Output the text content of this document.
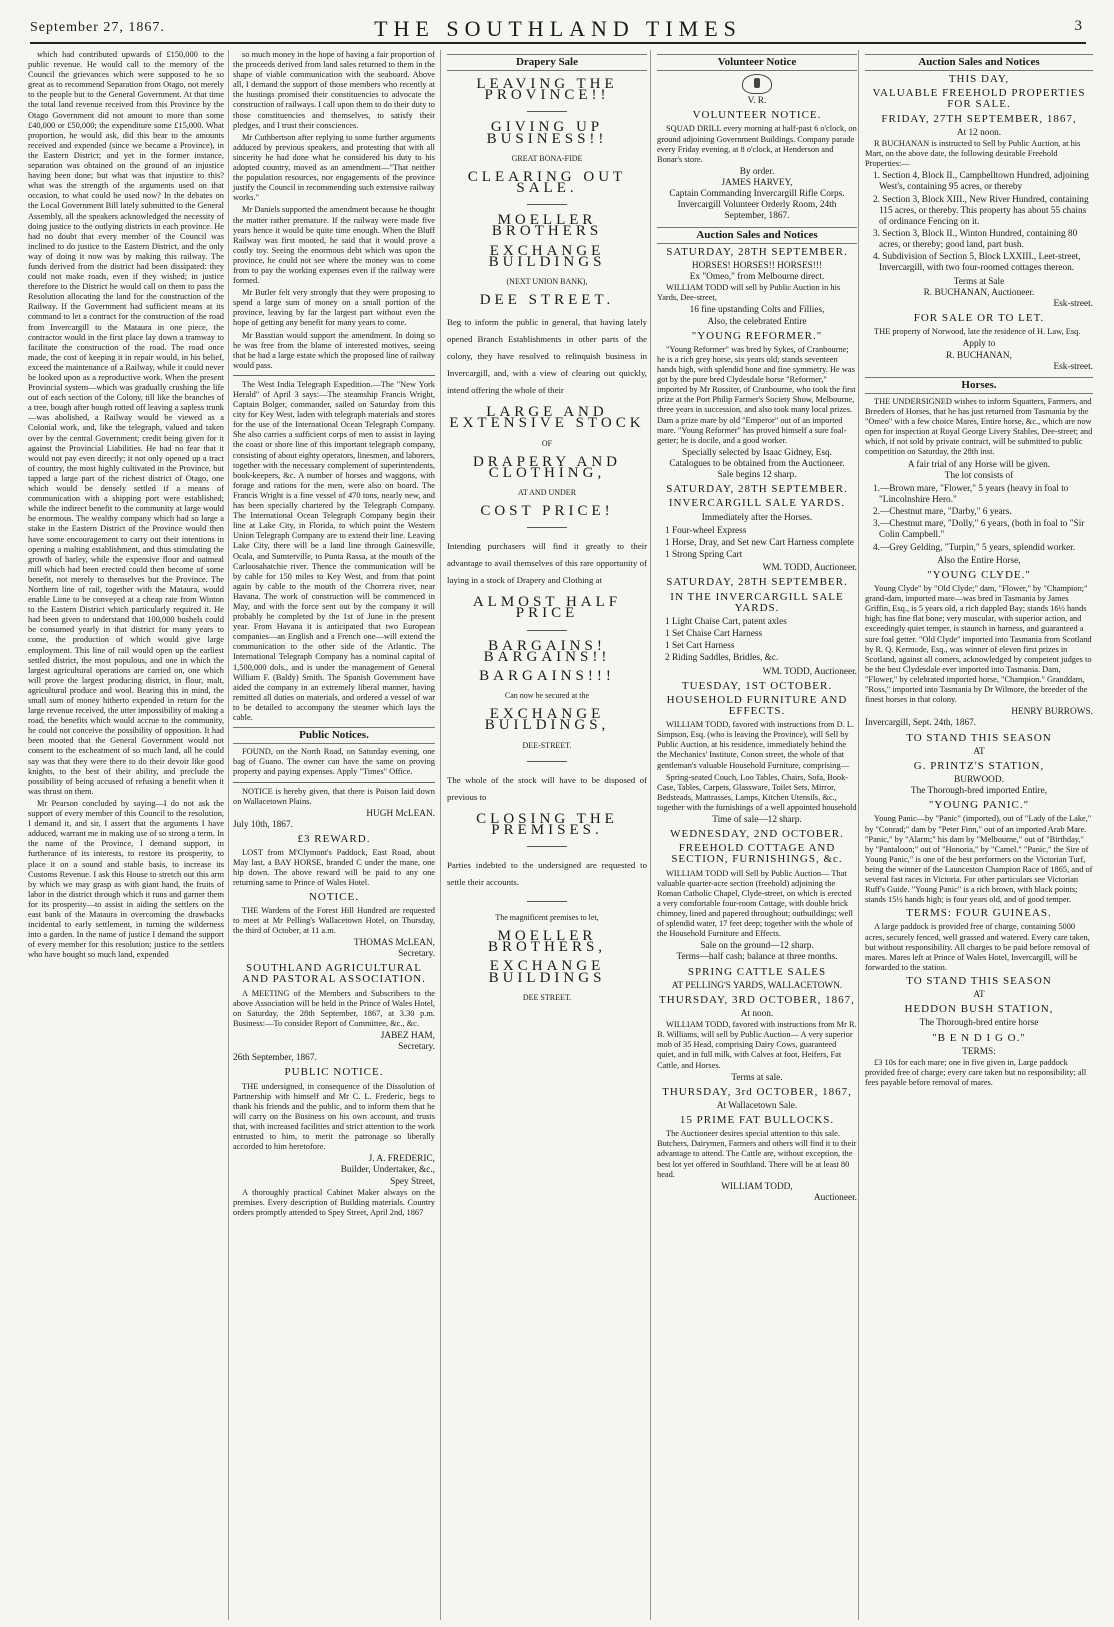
September 27, 1867.	THE SOUTHLAND TIMES	3

which had contributed upwards of £150,000 to the public revenue. He would call to the memory of the Council the grievances which were supposed to be so great as to recommend Separation from Otago, not merely to the people but to the General Government. At that time the total land revenue received from this Province by the Otago Government did not amount to more than some £40,000 or £50,000; the expenditure some £15,000. What proportion, he would ask, did this bear to the amounts received and expended (since we became a Province), in the Eastern District; and yet in the former instance, separation was obtained on the ground of an injustice having been done; but what was that injustice to this? what was the strength of the arguments used on that occasion, to what could be used now? In the debates on the Local Government Bill lately submitted to the General Assembly, all the speakers acknowledged the necessity of doing justice to the outlying districts in each province. He had no doubt that every member of the Council was inclined to do justice to the Eastern District, and the only way of doing it now was by making this railway. The funds derived from the district had been dissipated: they could not make roads, even if they wished; in justice therefore to the District he would call on them to pass the Resolution allocating the land for the construction of the Railway. If the Government had sufficient means at its command to let a contract for the construction of the road from Invercargill to the Mataura in one piece, the contractor would in the first place lay down a tramway to facilitate the construction of the road. The road once made, the cost of keeping it in repair would, in his belief, exceed the maintenance of a Railway, while it could never be looked upon as a reproductive work. When the present Provincial system—which was gradually crushing the life out of each section of the Colony, till like the branches of a tree, bough after bough rotted off leaving a sapless trunk—was abolished, a Railway would be viewed as a Colonial work, and, like the telegraph, valued and taken over by the central Government; credit being given for it against the Provincial Liabilities. He had no fear that it would not pay even directly; it not only opened up a tract of country, the most highly cultivated in the Province, but tapped a large part of the richest district of Otago, one which would be densely settled if a means of communication with a shipping port were established; while the indirect benefit to the community at large would be enormous. The wealthy company which had so large a stake in the Eastern District of the Province would then have some encouragement to carry out their intentions in opening a malting establishment, and thus stimulating the growth of barley, while the expensive flour and oatmeal mill which had been erected could then become of some benefit, not merely to themselves but the Province. The Northern line of rail, together with the Mataura, would enable Lime to be conveyed at a cheap rate from Winton to the Eastern District which particularly required it. He had been given to understand that 100,000 bushels could be consumed yearly in that district for many years to come, the production of which would give large employment. This line of rail would open up the earliest settled district, the most populous, and one in which the largest agricultural operations are carried on, one which will prove the largest producing district, in flour, malt, agricultural produce and wool. Bearing this in mind, the small sum of money hitherto expended in return for the large revenue received, the utter impossibility of making a road, the benefits which would accrue to the community, he could not conceive the possibility of opposition. It had been mooted that the General Government would not consent to the escheatment of so much land, all he could say was that they were there to do their devoir like good knights, to the best of their ability, and preclude the possibility of being accused of refusing a benefit when it was thrust on them.

Mr Pearson concluded by saying—I do not ask the support of every member of this Council to the resolution, I demand it, and sir, I assert that the arguments I have adduced, warrant me in making use of so strong a term. In the name of the Province, I demand support, in furtherance of its interests, to restore its prosperity, to place it on a sound and stable basis, to increase its Customs Revenue. I ask this House to stretch out this arm by which we may grasp as with giant hand, the fruits of labor in the district through which it runs and garner them for its prosperity—to assist in aiding the settlers on the east bank of the Mataura in overcoming the drawbacks incidental to early settlement, in turning the wilderness into a garden. In the name of justice I demand the support of every member for this resolution; justice to the settlers who have bought so much land, expended

so much money in the hope of having a fair proportion of the proceeds derived from land sales returned to them in the shape of viable communication with the seaboard. Above all, I demand the support of those members who recently at the hustings promised their constituencies to advocate the construction of railways. I call upon them to do their duty to those constituencies and themselves, to satisfy their pledges, and I trust their consciences.

Mr Cuthbertson after replying to some further arguments adduced by previous speakers, and protesting that with all sincerity he had done what he considered his duty to his adopted country, moved as an amendment—"That neither the population resources, nor engagements of the province justify the Council in recommending such extensive railway works."

Mr Daniels supported the amendment because he thought the matter rather premature. If the railway were made five years hence it would be quite time enough. When the Bluff Railway was first mooted, he said that it would prove a costly toy. Seeing the enormous debt which was upon the province, he could not see where the money was to come from to pay the working expenses even if the railway were formed.

Mr Butler felt very strongly that they were proposing to spend a large sum of money on a small portion of the province, leaving by far the largest part without even the hope of getting any benefit for many years to come.

Mr Basstian would support the amendment. In doing so he was free from the blame of interested motives, seeing that he had a large estate which the proposed line of railway would pass.

The West India Telegraph Expedition.—The "New York Herald" of April 3 says:—The steamship Francis Wright, Captain Bolger, commander, sailed on Saturday from this city for Key West, laden with telegraph materials and stores for the use of the International Ocean Telegraph Company. She also carries a sufficient corps of men to assist in laying the coast or shore line of this important telegraph company, consisting of about eighty operators, linesmen, and laborers, together with the necessary complement of superintendents, book-keepers, &c. A number of horses and waggons, with forage and rations for the men, were also on board. The Francis Wright is a fine vessel of 470 tons, nearly new, and has been specially chartered by the Telegraph Company. The International Ocean Telegraph Company begin their line at Lake City, in Florida, to which point the Western Union Telegraph Company are to extend their line. Leaving Lake City, there will be a land line through Gainesville, Ocala, and Sumterville, to Punta Rassa, at the mouth of the Carloosahatchie river. Thence the communication will be by cable for 150 miles to Key West, and from that point again by cable to the mouth of the Chorrera river, near Havana. The work of construction will be commenced in May, and with the force sent out by the company it will probably be completed by the 1st of June in the present year. From Havana it is anticipated that two European companies—an English and a French one—will extend the communication to the other side of the Atlantic. The International Telegraph Company has a nominal capital of 1,500,000 dols., and is under the management of General William F. (Baldy) Smith. The Spanish Government have aided the company in an extremely liberal manner, having remitted all duties on materials, and ordered a vessel of war to be detailed to accompany the steamer which lays the cable.

Public Notices.

FOUND, on the North Road, on Saturday evening, one bag of Guano. The owner can have the same on proving property and paying expenses. Apply "Times" Office.

NOTICE is hereby given, that there is Poison laid down on Wallacetown Plains.

HUGH McLEAN.
July 10th, 1867.
£3 REWARD.

LOST from M'Clymont's Paddock, East Road, about May last, a BAY HORSE, branded C under the mane, one hip down. The above reward will be paid to any one returning same to Prince of Wales Hotel.

NOTICE.

THE Wardens of the Forest Hill Hundred are requested to meet at Mr Pelling's Wallacetown Hotel, on Thursday, the third of October, at 11 a.m.

THOMAS McLEAN,
Secretary.
SOUTHLAND AGRICULTURAL AND PASTORAL ASSOCIATION.

A MEETING of the Members and Subscribers to the above Association will be held in the Prince of Wales Hotel, on Saturday, the 28th September, 1867, at 3.30 p.m. Business:—To consider Report of Committee, &c., &c.

JABEZ HAM,
Secretary.
26th September, 1867.
PUBLIC NOTICE.

THE undersigned, in consequence of the Dissolution of Partnership with himself and Mr C. L. Frederic, begs to thank his friends and the public, and to inform them that he will carry on the Business on his own account, and trusts that, with increased facilities and strict attention to the work entrusted to him, to merit the patronage so liberally accorded to him heretofore.

J. A. FREDERIC,
Builder, Undertaker, &c.,
Spey Street,

A thoroughly practical Cabinet Maker always on the premises. Every description of Building materials. Country orders promptly attended to Spey Street, April 2nd, 1867

Drapery Sale
LEAVING THE PROVINCE!!
GIVING UP BUSINESS!!
GREAT BONA-FIDE
CLEARING OUT SALE.
MOELLER BROTHERS
EXCHANGE BUILDINGS
(NEXT UNION BANK),
DEE STREET.
Beg to inform the public in general, that having lately opened Branch Establishments in other parts of the colony, they have resolved to relinquish business in Invercargill, and, with a view of clearing out quickly, intend offering the whole of their
LARGE AND EXTENSIVE STOCK
OF
DRAPERY AND CLOTHING,
AT AND UNDER
COST PRICE!
Intending purchasers will find it greatly to their advantage to avail themselves of this rare opportunity of laying in a stock of Drapery and Clothing at
ALMOST HALF PRICE
BARGAINS! BARGAINS!!
BARGAINS!!!
Can now be secured at the
EXCHANGE BUILDINGS,
DEE-STREET.
The whole of the stock will have to be disposed of previous to
CLOSING THE PREMISES.
Parties indebted to the undersigned are requested to settle their accounts.
The magnificent premises to let,
MOELLER BROTHERS,
EXCHANGE BUILDINGS
DEE STREET.
Volunteer Notice
V. R.
VOLUNTEER NOTICE.

SQUAD DRILL every morning at half-past 6 o'clock, on ground adjoining Government Buildings. Company parade every Friday evening, at 8 o'clock, at Henderson and Bonar's store.

By order.
JAMES HARVEY,
Captain Commanding Invercargill Rifle Corps. Invercargill Volunteer Orderly Room, 24th September, 1867.
Auction Sales and Notices
SATURDAY, 28TH SEPTEMBER.
HORSES! HORSES!! HORSES!!!
Ex "Omeo," from Melbourne direct.

WILLIAM TODD will sell by Public Auction in his Yards, Dee-street,

16 fine upstanding Colts and Fillies,
Also, the celebrated Entire
"YOUNG REFORMER."

"Young Reformer" was bred by Sykes, of Cranbourne; he is a rich grey horse, six years old; stands seventeen hands high, with splendid bone and fine symmetry. He was got by the pure bred Clydesdale horse "Reformer," imported by Mr Rossiter, of Cranbourne, who took the first prize at the Port Philip Farmer's Society Show, Melbourne, three years in succession, and also took many local prizes. Dam a prize mare by old "Emperor" out of an imported mare. "Young Reformer" has proved himself a sure foal-getter; he is docile, and a good worker.

Specially selected by Isaac Gidney, Esq.
Catalogues to be obtained from the Auctioneer.
Sale begins 12 sharp.
SATURDAY, 28TH SEPTEMBER.
INVERCARGILL SALE YARDS.
Immediately after the Horses.
1 Four-wheel Express
1 Horse, Dray, and Set new Cart Harness complete
1 Strong Spring Cart
WM. TODD, Auctioneer.
SATURDAY, 28TH SEPTEMBER.
IN THE INVERCARGILL SALE YARDS.
1 Light Chaise Cart, patent axles
1 Set Chaise Cart Harness
1 Set Cart Harness
2 Riding Saddles, Bridles, &c.
WM. TODD, Auctioneer.
TUESDAY, 1ST OCTOBER.
HOUSEHOLD FURNITURE AND EFFECTS.

WILLIAM TODD, favored with instructions from D. L. Simpson, Esq. (who is leaving the Province), will Sell by Public Auction, at his residence, immediately behind the the Mechanics' Institute, Conon street, the whole of that gentleman's valuable Household Furniture, comprising—

Spring-seated Couch, Loo Tables, Chairs, Sofa, Book-Case, Tables, Carpets, Glassware, Toilet Sets, Mirror, Bedsteads, Mattrasses, Lamps, Kitchen Utensils, &c., together with the furnishings of a well appointed household

Time of sale—12 sharp.
WEDNESDAY, 2ND OCTOBER.
FREEHOLD COTTAGE AND SECTION, FURNISHINGS, &c.

WILLIAM TODD will Sell by Public Auction— That valuable quarter-acre section (freehold) adjoining the Roman Catholic Chapel, Clyde-street, on which is erected a very comfortable four-room Cottage, with double brick chimney, lined and papered throughout; outbuildings; well of splendid water, 17 feet deep; together with the whole of the Household Furniture and Effects.

Sale on the ground—12 sharp.
Terms—half cash; balance at three months.
SPRING CATTLE SALES
AT PELLING'S YARDS, WALLACETOWN.
THURSDAY, 3RD OCTOBER, 1867,
At noon.

WILLIAM TODD, favored with instructions from Mr R. B. Williams, will sell by Public Auction— A very superior mob of 35 Head, comprising Dairy Cows, guaranteed quiet, and in full milk, with Calves at foot, Heifers, Fat Cattle, and Horses.

Terms at sale.
THURSDAY, 3rd OCTOBER, 1867,
At Wallacetown Sale.
15 PRIME FAT BULLOCKS.

The Auctioneer desires special attention to this sale. Butchers, Dairymen, Farmers and others will find it to their advantage to attend. The Cattle are, without exception, the best lot yet offered in Southland. There will be at least 80 head.

WILLIAM TODD,
Auctioneer.
Auction Sales and Notices
THIS DAY,
VALUABLE FREEHOLD PROPERTIES FOR SALE.
FRIDAY, 27TH SEPTEMBER, 1867,
At 12 noon.

R BUCHANAN is instructed to Sell by Public Auction, at his Mart, on the above date, the following desirable Freehold Properties:—

1. Section 4, Block II., Campbelltown Hundred, adjoining West's, containing 95 acres, or thereby
2. Section 3, Block XIII., New River Hundred, containing 115 acres, or thereby. This property has about 55 chains of ordinance Fencing on it.
3. Section 3, Block II., Winton Hundred, containing 80 acres, or thereby; good land, part bush.
4. Subdivision of Section 5, Block LXXIII., Leet-street, Invercargill, with two four-roomed cottages thereon.
Terms at Sale
R. BUCHANAN, Auctioneer.
Esk-street.
FOR SALE OR TO LET.

THE property of Norwood, late the residence of H. Law, Esq.

Apply to
R. BUCHANAN,
Esk-street.
Horses.

THE UNDERSIGNED wishes to inform Squatters, Farmers, and Breeders of Horses, that he has just returned from Tasmania by the "Omeo" with a few choice Mares, Entire horse, &c., which are now open for inspection at Royal George Livery Stables, Dee-street; and which, if not sold by private contract, will be submitted to public competition on Saturday, the 28th inst.

A fair trial of any Horse will be given.
The lot consists of
1.—Brown mare, "Flower," 5 years (heavy in foal to "Lincolnshire Hero."
2.—Chestnut mare, "Darby," 6 years.
3.—Chestnut mare, "Dolly," 6 years, (both in foal to "Sir Colin Campbell."
4.—Grey Gelding, "Turpin," 5 years, splendid worker.
Also the Entire Horse,
"YOUNG CLYDE."

Young Clyde" by "Old Clyde;" dam, "Flower," by "Champion;" grand-dam, imported mare—was bred in Tasmania by James Griffin, Esq., is 5 years old, a rich dappled Bay; stands 16½ hands high; has fine flat bone; very muscular, with superior action, and exceedingly quiet temper, is staunch in harness, and guaranteed a sure foal getter. "Old Clyde" imported into Tasmania from Scotland by R. Q. Kermode, Esq., was winner of eleven first prizes in Scotland, against all comers, acknowledged by competent judges to be the best Clydesdale ever imported into Tasmania. Dam, "Flower," by celebrated imported horse, "Champion." Granddam, "Ross," imported into Tasmania by Dr Wilmore, the breeder of the finest horses in that colony.

HENRY BURROWS.
Invercargill, Sept. 24th, 1867.
TO STAND THIS SEASON
AT
G. PRINTZ'S STATION,
BURWOOD.
The Thorough-bred imported Entire,
"YOUNG PANIC."

Young Panic—by "Panic" (imported), out of "Lady of the Lake," by "Conrad;" dam by "Peter Finn," out of an imported Arab Mare. "Panic," by "Alarm;" his dam by "Melbourne," out of "Birthday," by "Pantaloon;" out of "Honoria," by "Camel." "Panic," the Sire of Young Panic," is one of the best performers on the Victorian Turf, being the winner of the Launceston Champion Race of 1865, and of several fast races in Victoria. For other particulars see Victorian Ruff's Guide. "Young Panic" is a rich brown, with black points; stands 15½ hands high; is four years old, and of good temper.

TERMS: FOUR GUINEAS.

A large paddock is provided free of charge, containing 5000 acres, securely fenced, well grassed and watered. Every care taken, but without responsibility. All charges to be paid before removal of mares. Mares left at Prince of Wales Hotel, Invercargill, will be forwarded to the station.

TO STAND THIS SEASON
AT
HEDDON BUSH STATION,
The Thorough-bred entire horse
"B E N D I G O."
TERMS:

£3 10s for each mare; one in five given in, Large paddock provided free of charge; every care taken but no responsibility; all fees payable before removal of mares.
